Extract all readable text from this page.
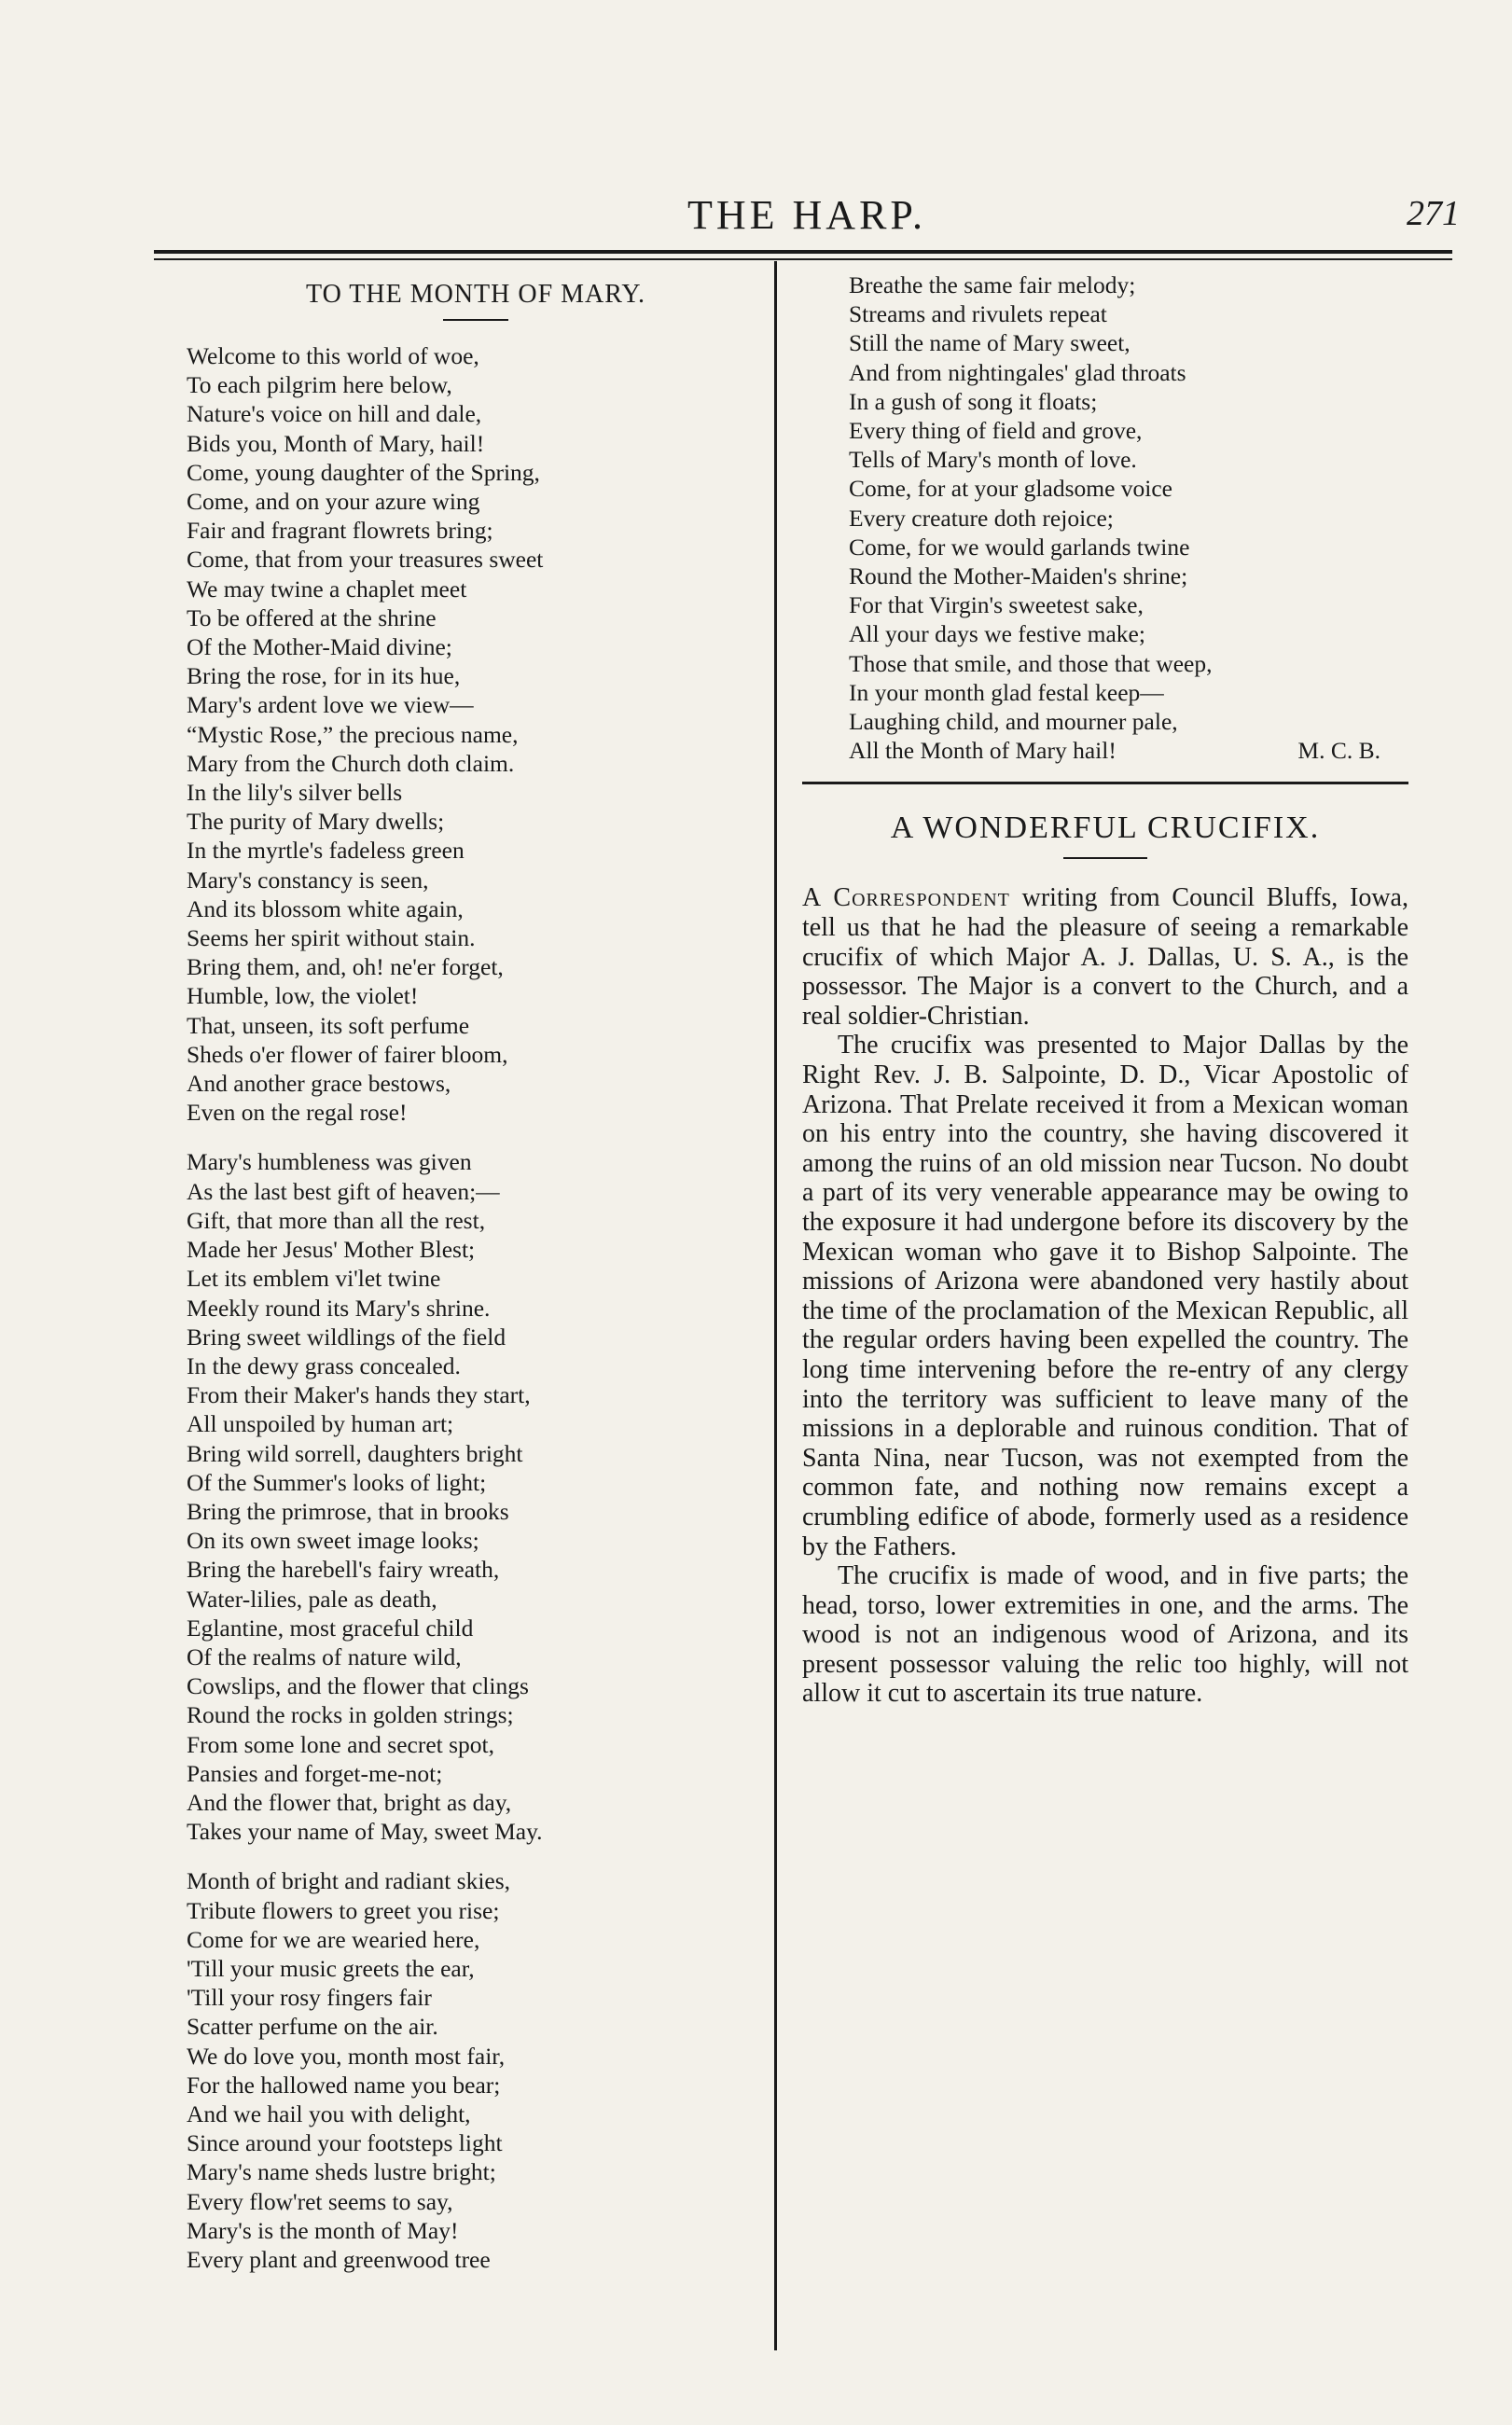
THE HARP.	271
TO THE MONTH OF MARY.
Welcome to this world of woe,
To each pilgrim here below,
Nature's voice on hill and dale,
Bids you, Month of Mary, hail!
Come, young daughter of the Spring,
Come, and on your azure wing
Fair and fragrant flowrets bring;
Come, that from your treasures sweet
We may twine a chaplet meet
To be offered at the shrine
Of the Mother-Maid divine;
Bring the rose, for in its hue,
Mary's ardent love we view—
“Mystic Rose,” the precious name,
Mary from the Church doth claim.
In the lily's silver bells
The purity of Mary dwells;
In the myrtle's fadeless green
Mary's constancy is seen,
And its blossom white again,
Seems her spirit without stain.
Bring them, and, oh! ne'er forget,
Humble, low, the violet!
That, unseen, its soft perfume
Sheds o'er flower of fairer bloom,
And another grace bestows,
Even on the regal rose!
Mary's humbleness was given
As the last best gift of heaven;—
Gift, that more than all the rest,
Made her Jesus' Mother Blest;
Let its emblem vi'let twine
Meekly round its Mary's shrine.
Bring sweet wildlings of the field
In the dewy grass concealed.
From their Maker's hands they start,
All unspoiled by human art;
Bring wild sorrell, daughters bright
Of the Summer's looks of light;
Bring the primrose, that in brooks
On its own sweet image looks;
Bring the harebell's fairy wreath,
Water-lilies, pale as death,
Eglantine, most graceful child
Of the realms of nature wild,
Cowslips, and the flower that clings
Round the rocks in golden strings;
From some lone and secret spot,
Pansies and forget-me-not;
And the flower that, bright as day,
Takes your name of May, sweet May.
Month of bright and radiant skies,
Tribute flowers to greet you rise;
Come for we are wearied here,
'Till your music greets the ear,
'Till your rosy fingers fair
Scatter perfume on the air.
We do love you, month most fair,
For the hallowed name you bear;
And we hail you with delight,
Since around your footsteps light
Mary's name sheds lustre bright;
Every flow'ret seems to say,
Mary's is the month of May!
Every plant and greenwood tree
Breathe the same fair melody;
Streams and rivulets repeat
Still the name of Mary sweet,
And from nightingales' glad throats
In a gush of song it floats;
Every thing of field and grove,
Tells of Mary's month of love.
Come, for at your gladsome voice
Every creature doth rejoice;
Come, for we would garlands twine
Round the Mother-Maiden's shrine;
For that Virgin's sweetest sake,
All your days we festive make;
Those that smile, and those that weep,
In your month glad festal keep—
Laughing child, and mourner pale,
All the Month of Mary hail!	M. C. B.
A WONDERFUL CRUCIFIX.

A Correspondent writing from Council Bluffs, Iowa, tell us that he had the pleasure of seeing a remarkable crucifix of which Major A. J. Dallas, U. S. A., is the possessor. The Major is a convert to the Church, and a real soldier-Christian.

The crucifix was presented to Major Dallas by the Right Rev. J. B. Salpointe, D. D., Vicar Apostolic of Arizona. That Prelate received it from a Mexican woman on his entry into the country, she having discovered it among the ruins of an old mission near Tucson. No doubt a part of its very venerable appearance may be owing to the exposure it had undergone before its discovery by the Mexican woman who gave it to Bishop Salpointe. The missions of Arizona were abandoned very hastily about the time of the proclamation of the Mexican Republic, all the regular orders having been expelled the country. The long time intervening before the re-entry of any clergy into the territory was sufficient to leave many of the missions in a deplorable and ruinous condition. That of Santa Nina, near Tucson, was not exempted from the common fate, and nothing now remains except a crumbling edifice of abode, formerly used as a residence by the Fathers.

The crucifix is made of wood, and in five parts; the head, torso, lower extremities in one, and the arms. The wood is not an indigenous wood of Arizona, and its present possessor valuing the relic too highly, will not allow it cut to ascertain its true nature.
